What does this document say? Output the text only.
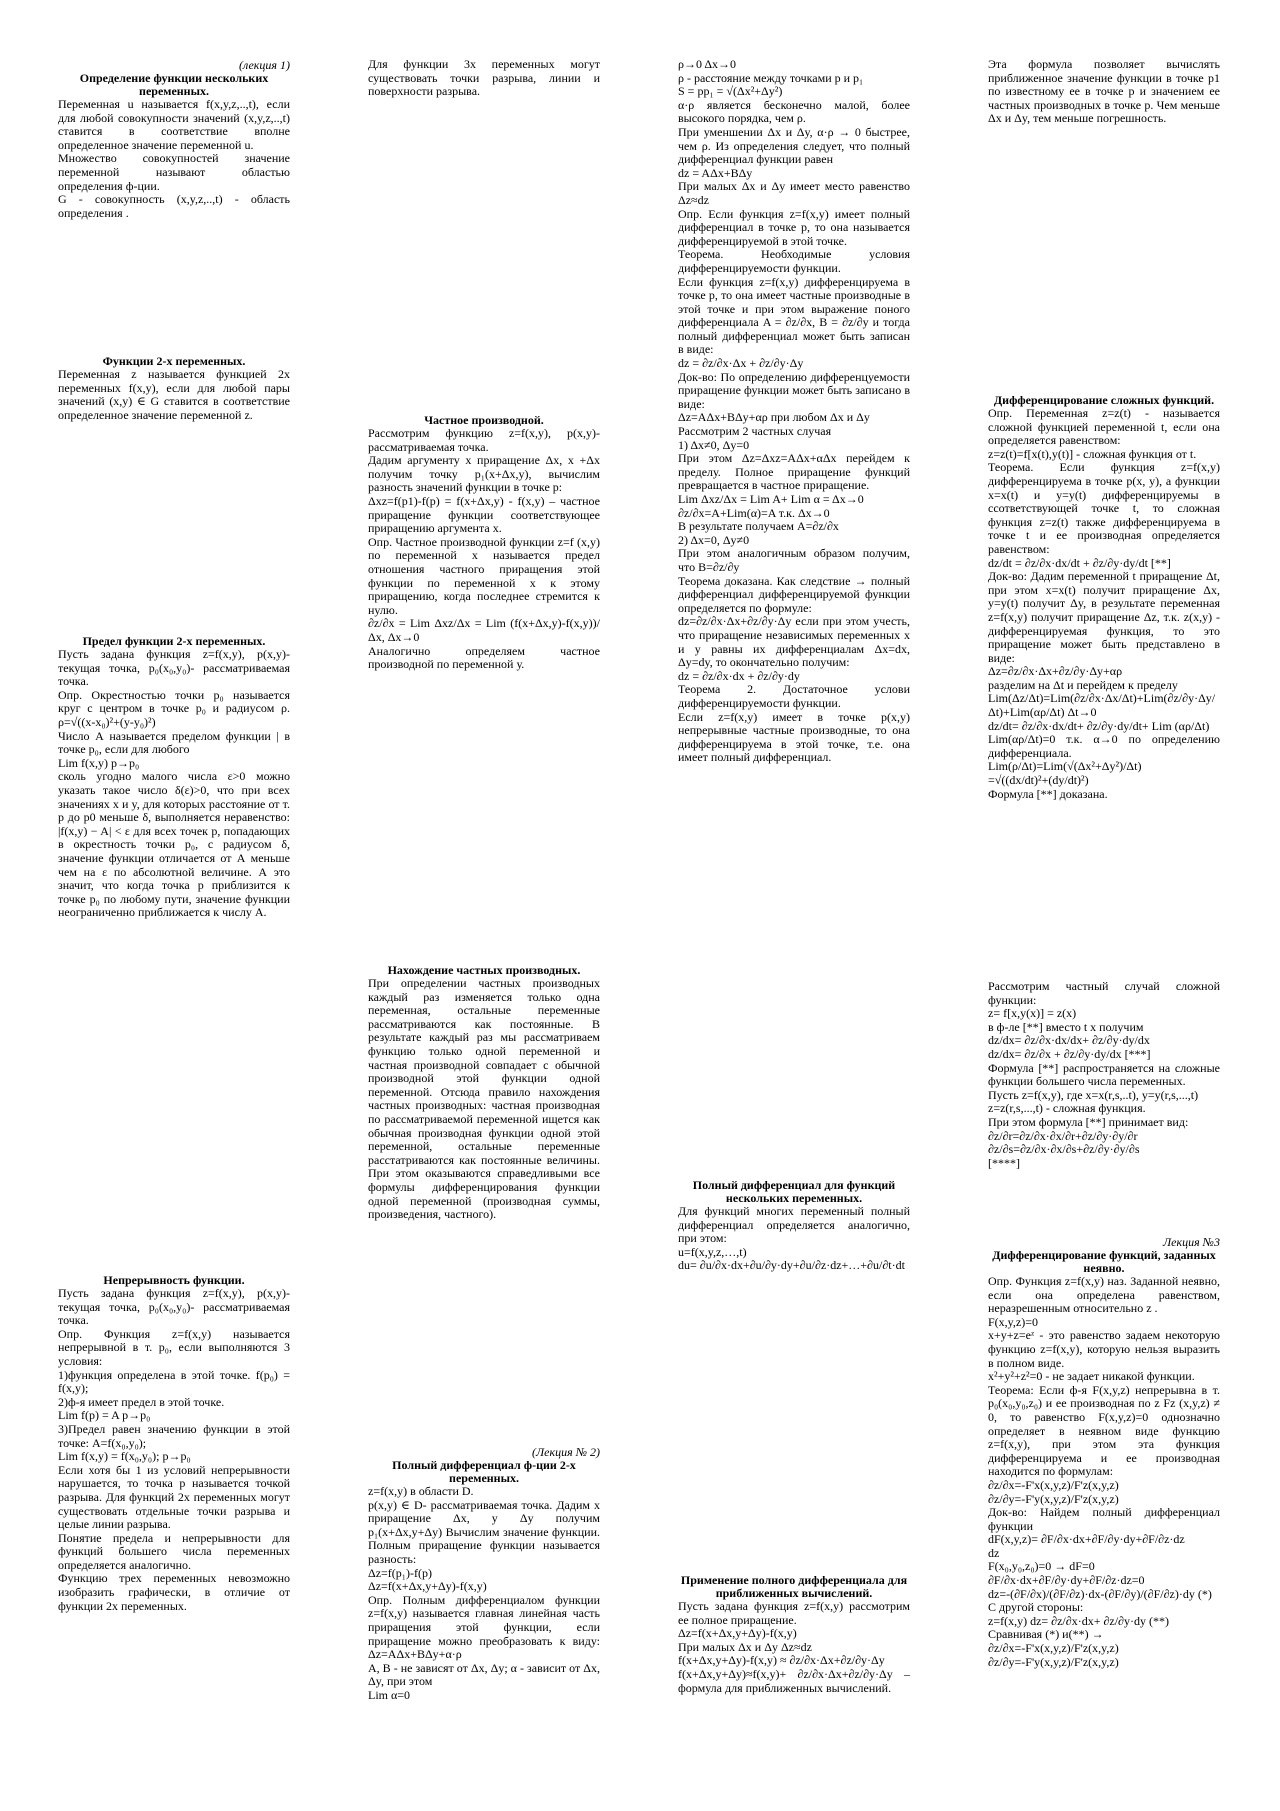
(лекция 1)
Определение функции нескольких переменных.

Переменная u называется f(x,y,z,..,t), если для любой совокупности значений (x,y,z,..,t) ставится в соответствие вполне определенное значение переменной u.

Множество совокупностей значение переменной называют областью определения ф-ции.

G - совокупность (x,y,z,..,t) - область определения .

Функции 2-х переменных.

Переменная z называется функцией 2х переменных f(x,y), если для любой пары значений (x,y) ∈ G ставится в соответствие определенное значение переменной z.

Предел функции 2-х переменных.

Пусть задана функция z=f(x,y), p(x,y)- текущая точка, p₀(x₀,y₀)- рассматриваемая точка.

Опр. Окрестностью точки p₀ называется круг с центром в точке p₀ и радиусом ρ. ρ=√((x-x₀)²+(y-y₀)²)

Число А называется пределом функции | в точке p₀, если для любого

Lim f(x,y) p→p₀

сколь угодно малого числа ε>0 можно указать такое число δ(ε)>0, что при всех значениях x и y, для которых расстояние от т. p до p0 меньше δ, выполняется неравенство: |f(x,y) − A| < ε для всех точек p, попадающих в окрестность точки p₀, с радиусом δ, значение функции отличается от А меньше чем на ε по абсолютной величине. А это значит, что когда точка p приблизится к точке p₀ по любому пути, значение функции неограниченно приближается к числу А.

Непрерывность функции.

Пусть задана функция z=f(x,y), p(x,y)- текущая точка, p₀(x₀,y₀)- рассматриваемая точка.

Опр. Функция z=f(x,y) называется непрерывной в т. p₀, если выполняются 3 условия:

1)функция определена в этой точке. f(p₀) = f(x,y);

2)ф-я имеет предел в этой точке.

Lim f(p) = A p→p₀

3)Предел равен значению функции в этой точке: A=f(x₀,y₀);

Lim f(x,y) = f(x₀,y₀); p→p₀

Если хотя бы 1 из условий непрерывности нарушается, то точка p называется точкой разрыва. Для функций 2х переменных могут существовать отдельные точки разрыва и целые линии разрыва.

Понятие предела и непрерывности для функций большего числа переменных определяется аналогично.

Функцию трех переменных невозможно изобразить графически, в отличие от функции 2х переменных.

Для функции 3х переменных могут существовать точки разрыва, линии и поверхности разрыва.

Частное производной.

Рассмотрим функцию z=f(x,y), p(x,y)- рассматриваемая точка.

Дадим аргументу x приращение Δx, x +Δx получим точку p₁(x+Δx,y), вычислим разность значений функции в точке p:

Δxz=f(p1)-f(p) = f(x+Δx,y) - f(x,y) – частное приращение функции соответствующее приращению аргумента х.

Опр. Частное производной функции z=f (x,y) по переменной х называется предел отношения частного приращения этой функции по переменной х к этому приращению, когда последнее стремится к нулю.

∂z/∂x = Lim Δxz/Δx = Lim (f(x+Δx,y)-f(x,y))/Δx, Δx→0

Аналогично определяем частное производной по переменной у.

Нахождение частных производных.

При определении частных производных каждый раз изменяется только одна переменная, остальные переменные рассматриваются как постоянные. В результате каждый раз мы рассматриваем функцию только одной переменной и частная производной совпадает с обычной производной этой функции одной переменной. Отсюда правило нахождения частных производных: частная производная по рассматриваемой переменной ищется как обычная производная функции одной этой переменной, остальные переменные расстатриваются как постоянные величины. При этом оказываются справедливыми все формулы дифференцирования функции одной переменной (производная суммы, произведения, частного).

(Лекция № 2)
Полный дифференциал ф-ции 2-х переменных.

z=f(x,y) в области D.

p(x,y) ∈ D- рассматриваемая точка. Дадим х приращение Δx, у Δy получим p₁(x+Δx,y+Δy) Вычислим значение функции. Полным приращение функции называется разность:

Δz=f(p₁)-f(p)

Δz=f(x+Δx,y+Δy)-f(x,y)

Опр. Полным дифференциалом функции z=f(x,y) называется главная линейная часть приращения этой функции, если приращение можно преобразовать к виду: Δz=AΔx+BΔy+α·ρ

A, B - не зависят от Δx, Δy; α - зависит от Δx, Δy, при этом

Lim α=0

ρ→0 Δx→0

ρ - расстояние между точками p и p₁

S = pp₁ = √(Δx²+Δy²)

α·ρ является бесконечно малой, более высокого порядка, чем ρ.

При уменшении Δx и Δy, α·ρ → 0 быстрее, чем ρ. Из определения следует, что полный дифференциал функции равен

dz = AΔx+BΔy

При малых Δx и Δy имеет место равенство Δz≈dz

Опр. Если функция z=f(x,y) имеет полный дифференциал в точке p, то она называется дифференцируемой в этой точке.

Теорема. Необходимые условия дифференцируемости функции.

Если функция z=f(x,y) дифференцируема в точке p, то она имеет частные производные в этой точке и при этом выражение поного дифференциала A = ∂z/∂x, B = ∂z/∂y и тогда полный дифференциал может быть записан в виде:

dz = ∂z/∂x·Δx + ∂z/∂y·Δy

Док-во: По определению дифференцуемости приращение функции может быть записано в виде:

Δz=AΔx+BΔy+αρ при любом Δx и Δy

Рассмотрим 2 частных случая

1) Δx≠0, Δy=0

При этом Δz=Δxz=AΔx+αΔx перейдем к пределу. Полное приращение функций превращается в частное приращение.

Lim Δxz/Δx = Lim A+ Lim α = Δx→0

∂z/∂x=A+Lim(α)=A т.к. Δx→0

В результате получаем A=∂z/∂x

2) Δx=0, Δy≠0

При этом аналогичным образом получим, что B=∂z/∂y

Теорема доказана. Как следствие → полный дифференциал дифференцируемой функции определяется по формуле:

dz=∂z/∂x·Δx+∂z/∂y·Δy если при этом учесть, что приращение независимых переменных х и у равны их дифференциалам Δx=dx, Δy=dy, то окончательно получим:

dz = ∂z/∂x·dx + ∂z/∂y·dy

Теорема 2. Достаточное услови дифференцируемости функции.

Если z=f(x,y) имеет в точке p(x,y) непрерывные частные производные, то она дифференцируема в этой точке, т.е. она имеет полный дифференциал.

Полный дифференциал для функций нескольких переменных.

Для функций многих переменный полный дифференциал определяется аналогично, при этом:

u=f(x,y,z,…,t)

du= ∂u/∂x·dx+∂u/∂y·dy+∂u/∂z·dz+…+∂u/∂t·dt

Применение полного дифференциала для приближенных вычислений.

Пусть задана функция z=f(x,y) рассмотрим ее полное приращение.

Δz=f(x+Δx,y+Δy)-f(x,y)

При малых Δx и Δy Δz≈dz

f(x+Δx,y+Δy)-f(x,y) ≈ ∂z/∂x·Δx+∂z/∂y·Δy

f(x+Δx,y+Δy)≈f(x,y)+ ∂z/∂x·Δx+∂z/∂y·Δy – формула для приближенных вычислений.

Эта формула позволяет вычислять приближенное значение функции в точке p1 по известному ее в точке p и значением ее частных производных в точке p. Чем меньше Δx и Δy, тем меньше погрешность.

Дифференцирование сложных функций.

Опр. Переменная z=z(t) - называется сложной функцией переменной t, если она определяется равенством:

z=z(t)=f[x(t),y(t)] - сложная функция от t.

Теорема. Если функция z=f(x,y) дифференцируема в точке p(x, y), а функции x=x(t) и y=y(t) дифференцируемы в ссответствующей точке t, то сложная функция z=z(t) также дифференцируема в точке t и ее производная определяется равенством:

dz/dt = ∂z/∂x·dx/dt + ∂z/∂y·dy/dt [**]

Док-во: Дадим переменной t приращение Δt, при этом x=x(t) получит приращение Δx, y=y(t) получит Δy, в результате переменная z=f(x,y) получит приращение Δz, т.к. z(x,y) - дифференцируемая функция, то это приращение может быть представлено в виде:

Δz=∂z/∂x·Δx+∂z/∂y·Δy+αρ

разделим на Δt и перейдем к пределу

Lim(Δz/Δt)=Lim(∂z/∂x·Δx/Δt)+Lim(∂z/∂y·Δy/Δt)+Lim(αρ/Δt) Δt→0

dz/dt= ∂z/∂x·dx/dt+ ∂z/∂y·dy/dt+ Lim (αρ/Δt)

Lim(αρ/Δt)=0 т.к. α→0 по определению дифференциала.

Lim(ρ/Δt)=Lim(√(Δx²+Δy²)/Δt)

=√((dx/dt)²+(dy/dt)²)

Формула [**] доказана.

Рассмотрим частный случай сложной функции:

z= f[x,y(x)] = z(x)

в ф-ле [**] вместо t x получим

dz/dx= ∂z/∂x·dx/dx+ ∂z/∂y·dy/dx

dz/dx= ∂z/∂x + ∂z/∂y·dy/dx [***]

Формула [**] распространяется на сложные функции большего числа переменных.

Пусть z=f(x,y), где x=x(r,s,..t), y=y(r,s,...,t)

z=z(r,s,...,t) - сложная функция.

При этом формула [**] принимает вид:

∂z/∂r=∂z/∂x·∂x/∂r+∂z/∂y·∂y/∂r

∂z/∂s=∂z/∂x·∂x/∂s+∂z/∂y·∂y/∂s

[****]

Лекция №3
Дифференцирование функций, заданных неявно.

Опр. Функция z=f(x,y) наз. Заданной неявно, если она определена равенством, неразрешенным относительно z .

F(x,y,z)=0

x+y+z=eᶻ - это равенство задаем некоторую функцию z=f(x,y), которую нельзя выразить в полном виде.

x²+y²+z²=0 - не задает никакой функции.

Теорема: Если ф-я F(x,y,z) непрерывна в т. p₀(x₀,y₀,z₀) и ее производная по z Fz (x,y,z) ≠ 0, то равенство F(x,y,z)=0 однозначно определяет в неявном виде функцию z=f(x,y), при этом эта функция дифференцируема и ее производная находится по формулам:

∂z/∂x=-F'x(x,y,z)/F'z(x,y,z)

∂z/∂y=-F'y(x,y,z)/F'z(x,y,z)

Док-во: Найдем полный дифференциал функции

dF(x,y,z)= ∂F/∂x·dx+∂F/∂y·dy+∂F/∂z·dz

dz

F(x₀,y₀,z₀)=0 → dF=0

∂F/∂x·dx+∂F/∂y·dy+∂F/∂z·dz=0

dz=-(∂F/∂x)/(∂F/∂z)·dx-(∂F/∂y)/(∂F/∂z)·dy (*)

С другой стороны:

z=f(x,y) dz= ∂z/∂x·dx+ ∂z/∂y·dy (**)

Сравнивая (*) и(**) →

∂z/∂x=-F'x(x,y,z)/F'z(x,y,z)

∂z/∂y=-F'y(x,y,z)/F'z(x,y,z)
